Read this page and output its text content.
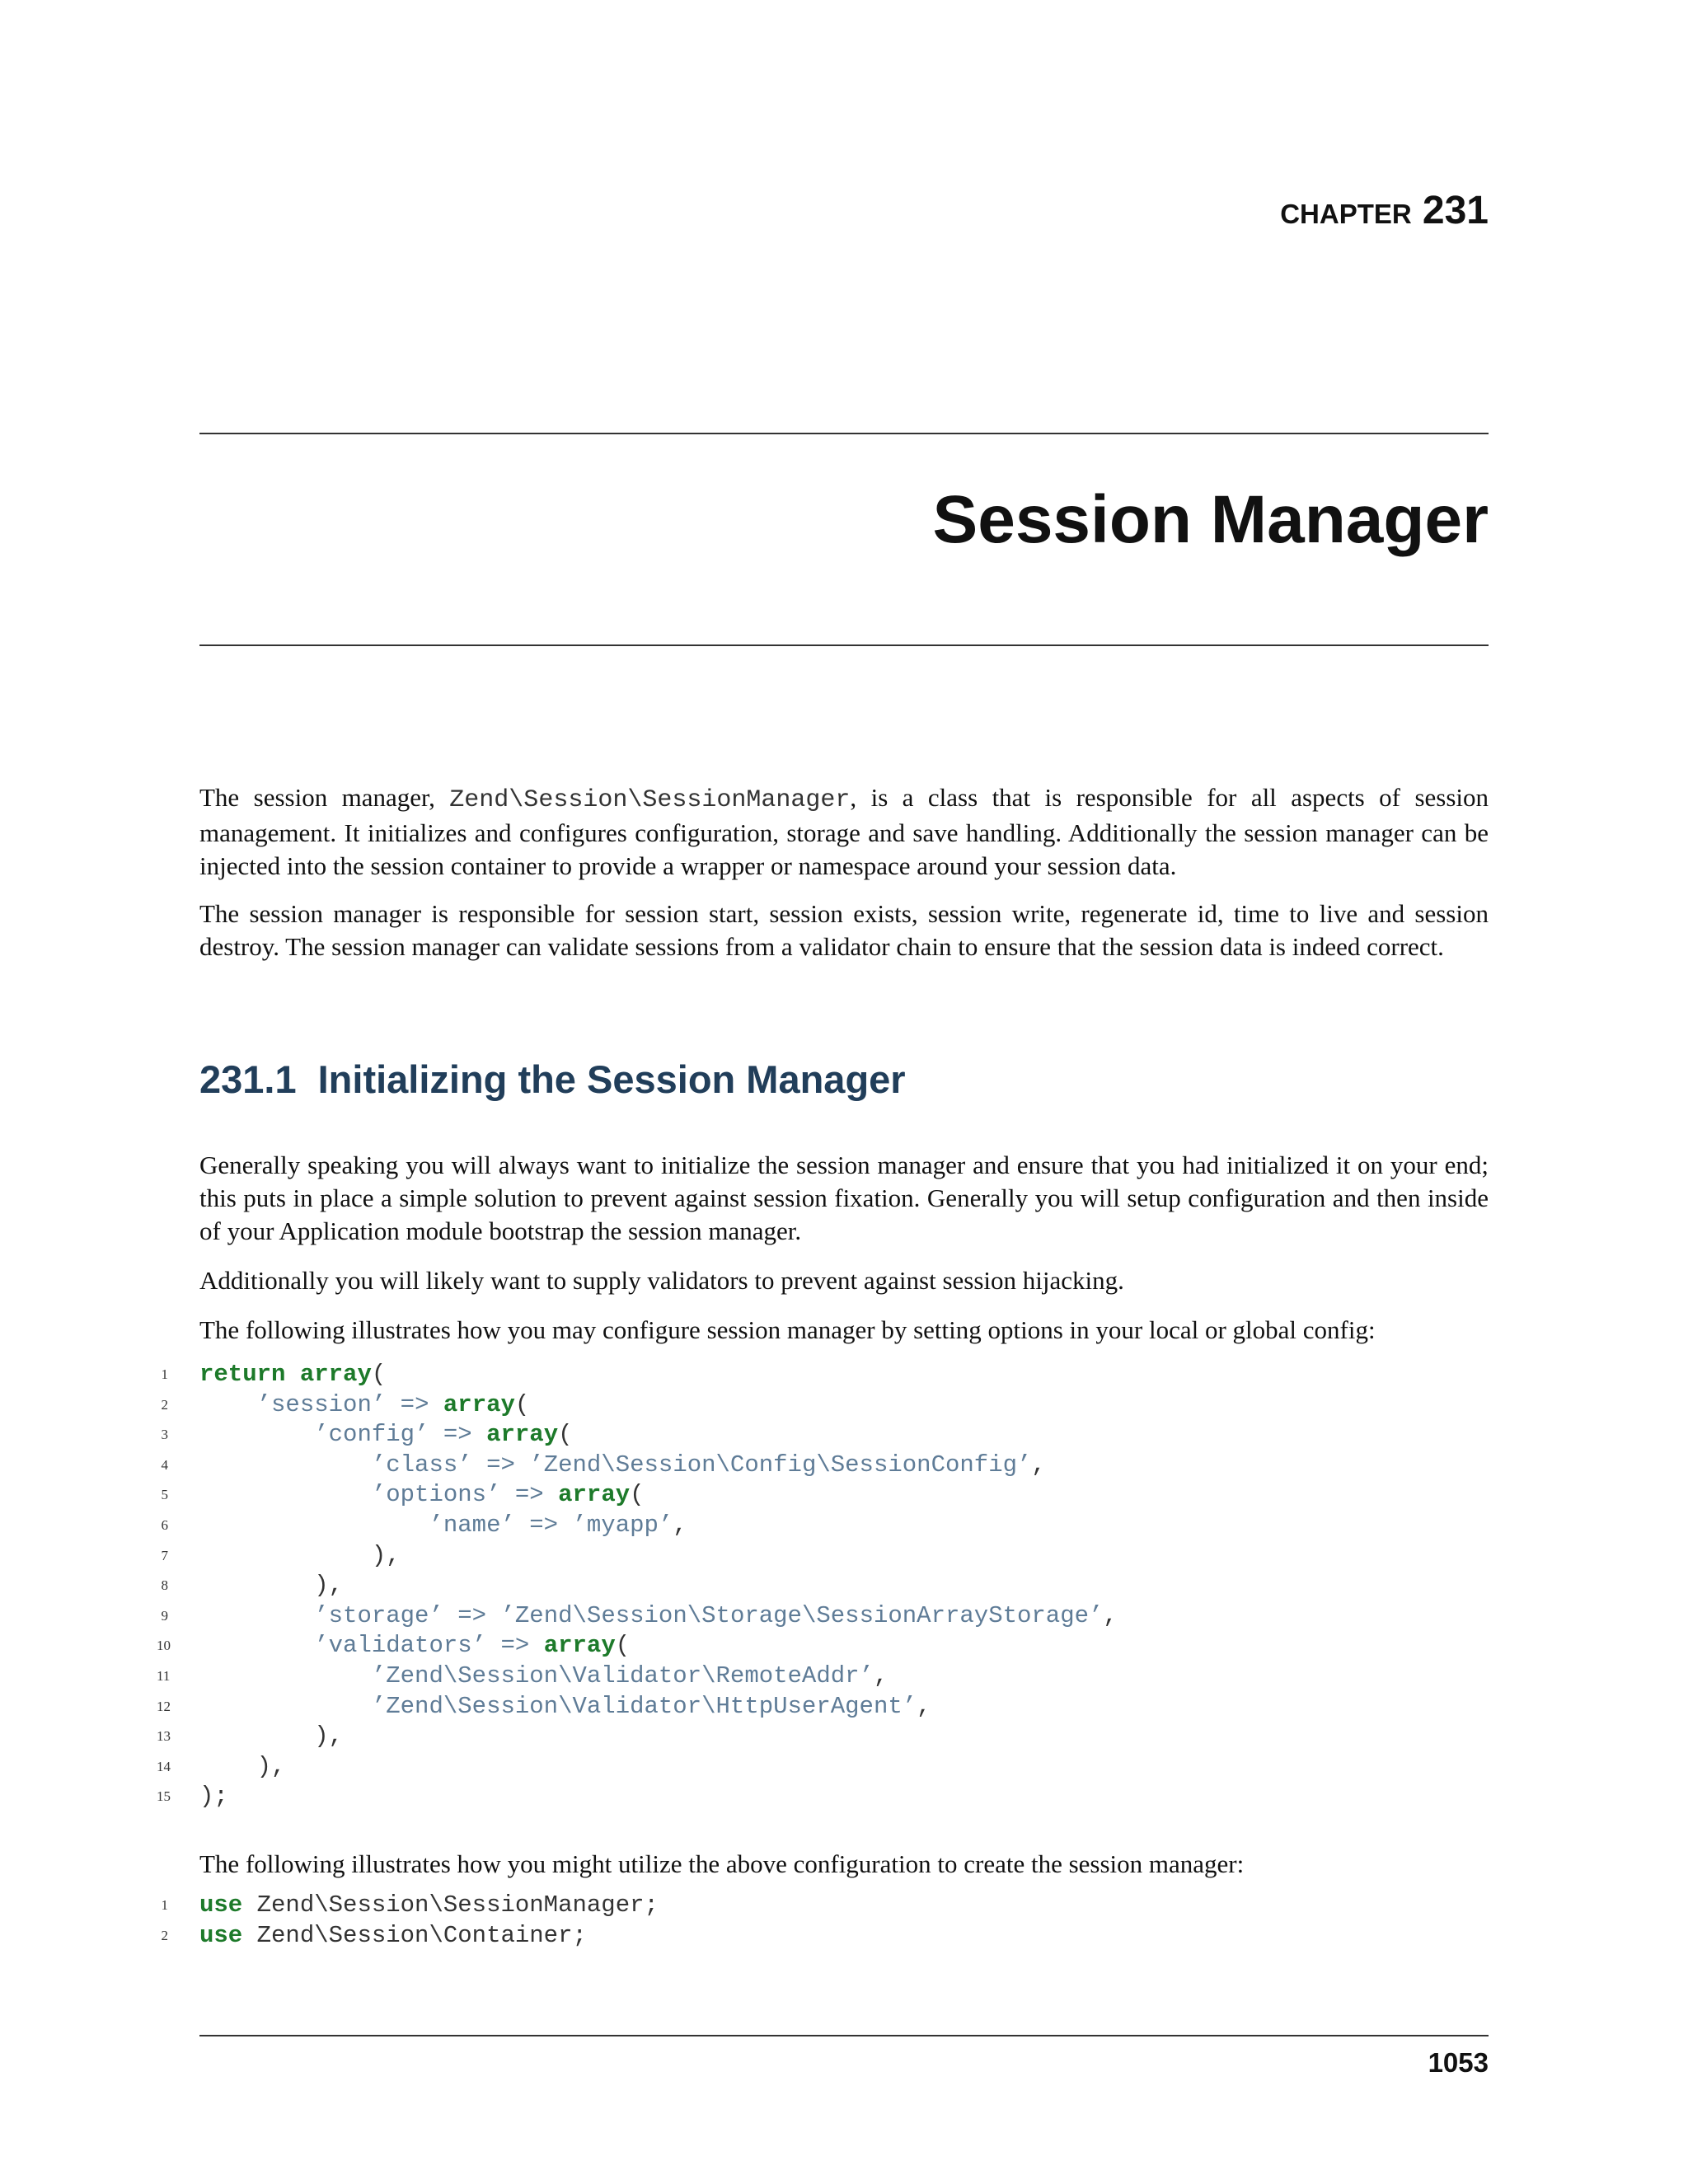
CHAPTER 231
Session Manager

The session manager, Zend\Session\SessionManager, is a class that is responsible for all aspects of session management. It initializes and configures configuration, storage and save handling. Additionally the session manager can be injected into the session container to provide a wrapper or namespace around your session data.

The session manager is responsible for session start, session exists, session write, regenerate id, time to live and session destroy. The session manager can validate sessions from a validator chain to ensure that the session data is indeed correct.

231.1 Initializing the Session Manager

Generally speaking you will always want to initialize the session manager and ensure that you had initialized it on your end; this puts in place a simple solution to prevent against session fixation. Generally you will setup configuration and then inside of your Application module bootstrap the session manager.

Additionally you will likely want to supply validators to prevent against session hijacking.

The following illustrates how you may configure session manager by setting options in your local or global config:

1 return array(
2	’session’ => array(
3	’config’ => array(
4	’class’ => ’Zend\Session\Config\SessionConfig’,
5	’options’ => array(
6	’name’ => ’myapp’,
7 ),
8 ),
9	’storage’ => ’Zend\Session\Storage\SessionArrayStorage’,
10	’validators’ => array(
11	’Zend\Session\Validator\RemoteAddr’,
12	’Zend\Session\Validator\HttpUserAgent’,
13 ),
14 ),
15 );

The following illustrates how you might utilize the above configuration to create the session manager:

1 use Zend\Session\SessionManager;
2 use Zend\Session\Container;
1053
